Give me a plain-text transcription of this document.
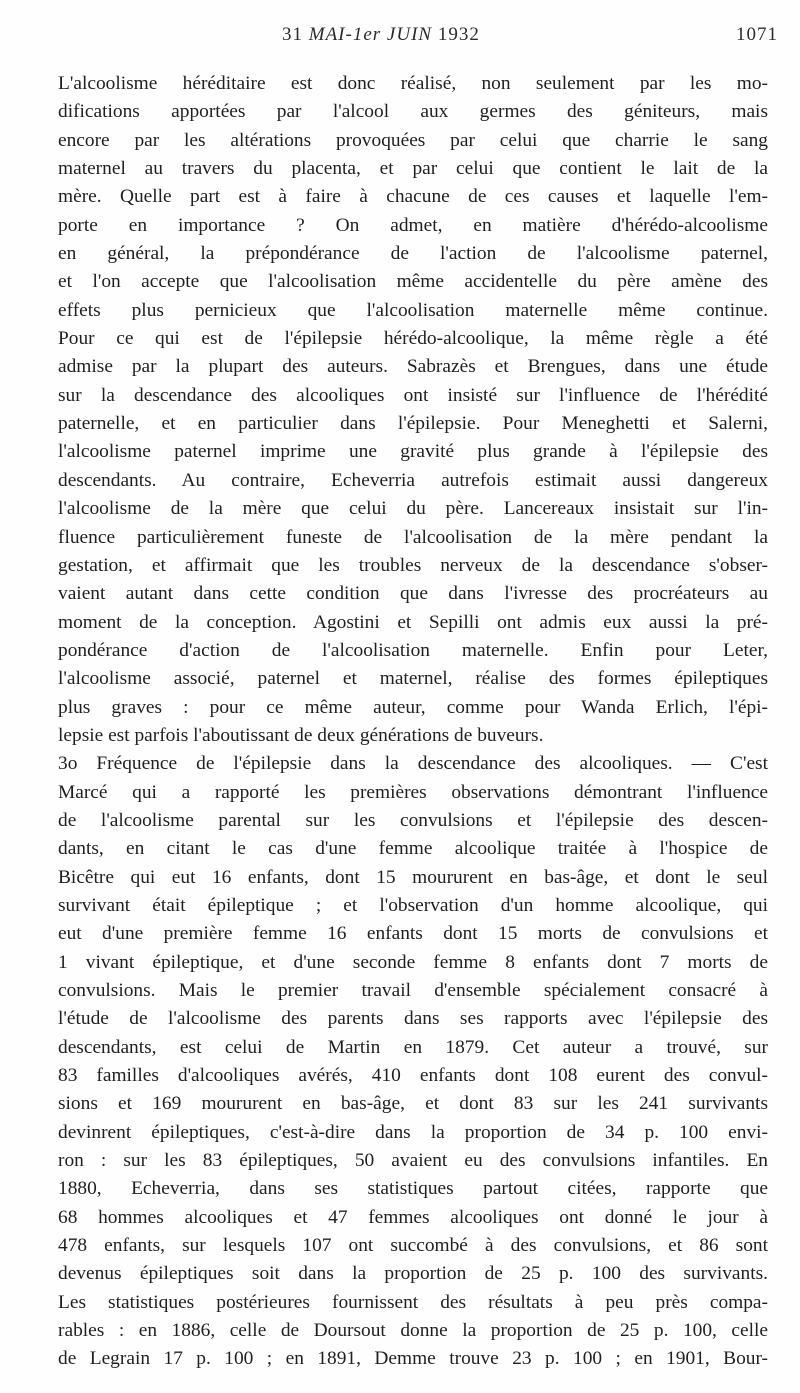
31 MAI-1er JUIN 1932	1071
L'alcoolisme héréditaire est donc réalisé, non seulement par les mo-
difications apportées par l'alcool aux germes des géniteurs, mais
encore par les altérations provoquées par celui que charrie le sang
maternel au travers du placenta, et par celui que contient le lait de la
mère. Quelle part est à faire à chacune de ces causes et laquelle l'em-
porte en importance ? On admet, en matière d'hérédo-alcoolisme
en général, la prépondérance de l'action de l'alcoolisme paternel,
et l'on accepte que l'alcoolisation même accidentelle du père amène des
effets plus pernicieux que l'alcoolisation maternelle même continue.
Pour ce qui est de l'épilepsie hérédo-alcoolique, la même règle a été
admise par la plupart des auteurs. Sabrazès et Brengues, dans une étude
sur la descendance des alcooliques ont insisté sur l'influence de l'hérédité
paternelle, et en particulier dans l'épilepsie. Pour Meneghetti et Salerni,
l'alcoolisme paternel imprime une gravité plus grande à l'épilepsie des
descendants. Au contraire, Echeverria autrefois estimait aussi dangereux
l'alcoolisme de la mère que celui du père. Lancereaux insistait sur l'in-
fluence particulièrement funeste de l'alcoolisation de la mère pendant la
gestation, et affirmait que les troubles nerveux de la descendance s'obser-
vaient autant dans cette condition que dans l'ivresse des procréateurs au
moment de la conception. Agostini et Sepilli ont admis eux aussi la pré-
pondérance d'action de l'alcoolisation maternelle. Enfin pour Leter,
l'alcoolisme associé, paternel et maternel, réalise des formes épileptiques
plus graves : pour ce même auteur, comme pour Wanda Erlich, l'épi-
lepsie est parfois l'aboutissant de deux générations de buveurs.
3o Fréquence de l'épilepsie dans la descendance des alcooliques. — C'est
Marcé qui a rapporté les premières observations démontrant l'influence
de l'alcoolisme parental sur les convulsions et l'épilepsie des descen-
dants, en citant le cas d'une femme alcoolique traitée à l'hospice de
Bicêtre qui eut 16 enfants, dont 15 moururent en bas-âge, et dont le seul
survivant était épileptique ; et l'observation d'un homme alcoolique, qui
eut d'une première femme 16 enfants dont 15 morts de convulsions et
1 vivant épileptique, et d'une seconde femme 8 enfants dont 7 morts de
convulsions. Mais le premier travail d'ensemble spécialement consacré à
l'étude de l'alcoolisme des parents dans ses rapports avec l'épilepsie des
descendants, est celui de Martin en 1879. Cet auteur a trouvé, sur
83 familles d'alcooliques avérés, 410 enfants dont 108 eurent des convul-
sions et 169 moururent en bas-âge, et dont 83 sur les 241 survivants
devinrent épileptiques, c'est-à-dire dans la proportion de 34 p. 100 envi-
ron : sur les 83 épileptiques, 50 avaient eu des convulsions infantiles. En
1880, Echeverria, dans ses statistiques partout citées, rapporte que
68 hommes alcooliques et 47 femmes alcooliques ont donné le jour à
478 enfants, sur lesquels 107 ont succombé à des convulsions, et 86 sont
devenus épileptiques soit dans la proportion de 25 p. 100 des survivants.
Les statistiques postérieures fournissent des résultats à peu près compa-
rables : en 1886, celle de Doursout donne la proportion de 25 p. 100, celle
de Legrain 17 p. 100 ; en 1891, Demme trouve 23 p. 100 ; en 1901, Bour-
